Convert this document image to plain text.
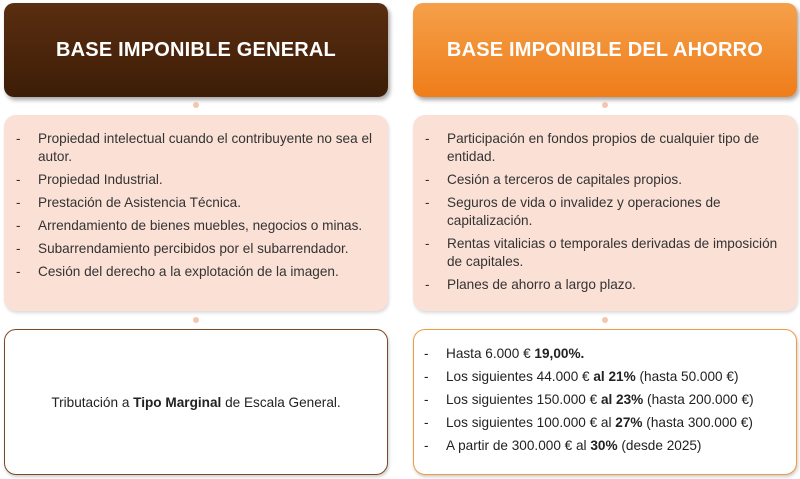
BASE IMPONIBLE GENERAL
- Propiedad intelectual cuando el contribuyente no sea el autor.
- Propiedad Industrial.
- Prestación de Asistencia Técnica.
- Arrendamiento de bienes muebles, negocios o minas.
- Subarrendamiento percibidos por el subarrendador.
- Cesión del derecho a la explotación de la imagen.
Tributación a Tipo Marginal de Escala General.
BASE IMPONIBLE DEL AHORRO
- Participación en fondos propios de cualquier tipo de entidad.
- Cesión a terceros de capitales propios.
- Seguros de vida o invalidez y operaciones de capitalización.
- Rentas vitalicias o temporales derivadas de imposición de capitales.
- Planes de ahorro a largo plazo.
- Hasta 6.000 € 19,00%.
- Los siguientes 44.000 € al 21% (hasta 50.000 €)
- Los siguientes 150.000 € al 23% (hasta 200.000 €)
- Los siguientes 100.000 € al 27% (hasta 300.000 €)
- A partir de 300.000 € al 30% (desde 2025)
